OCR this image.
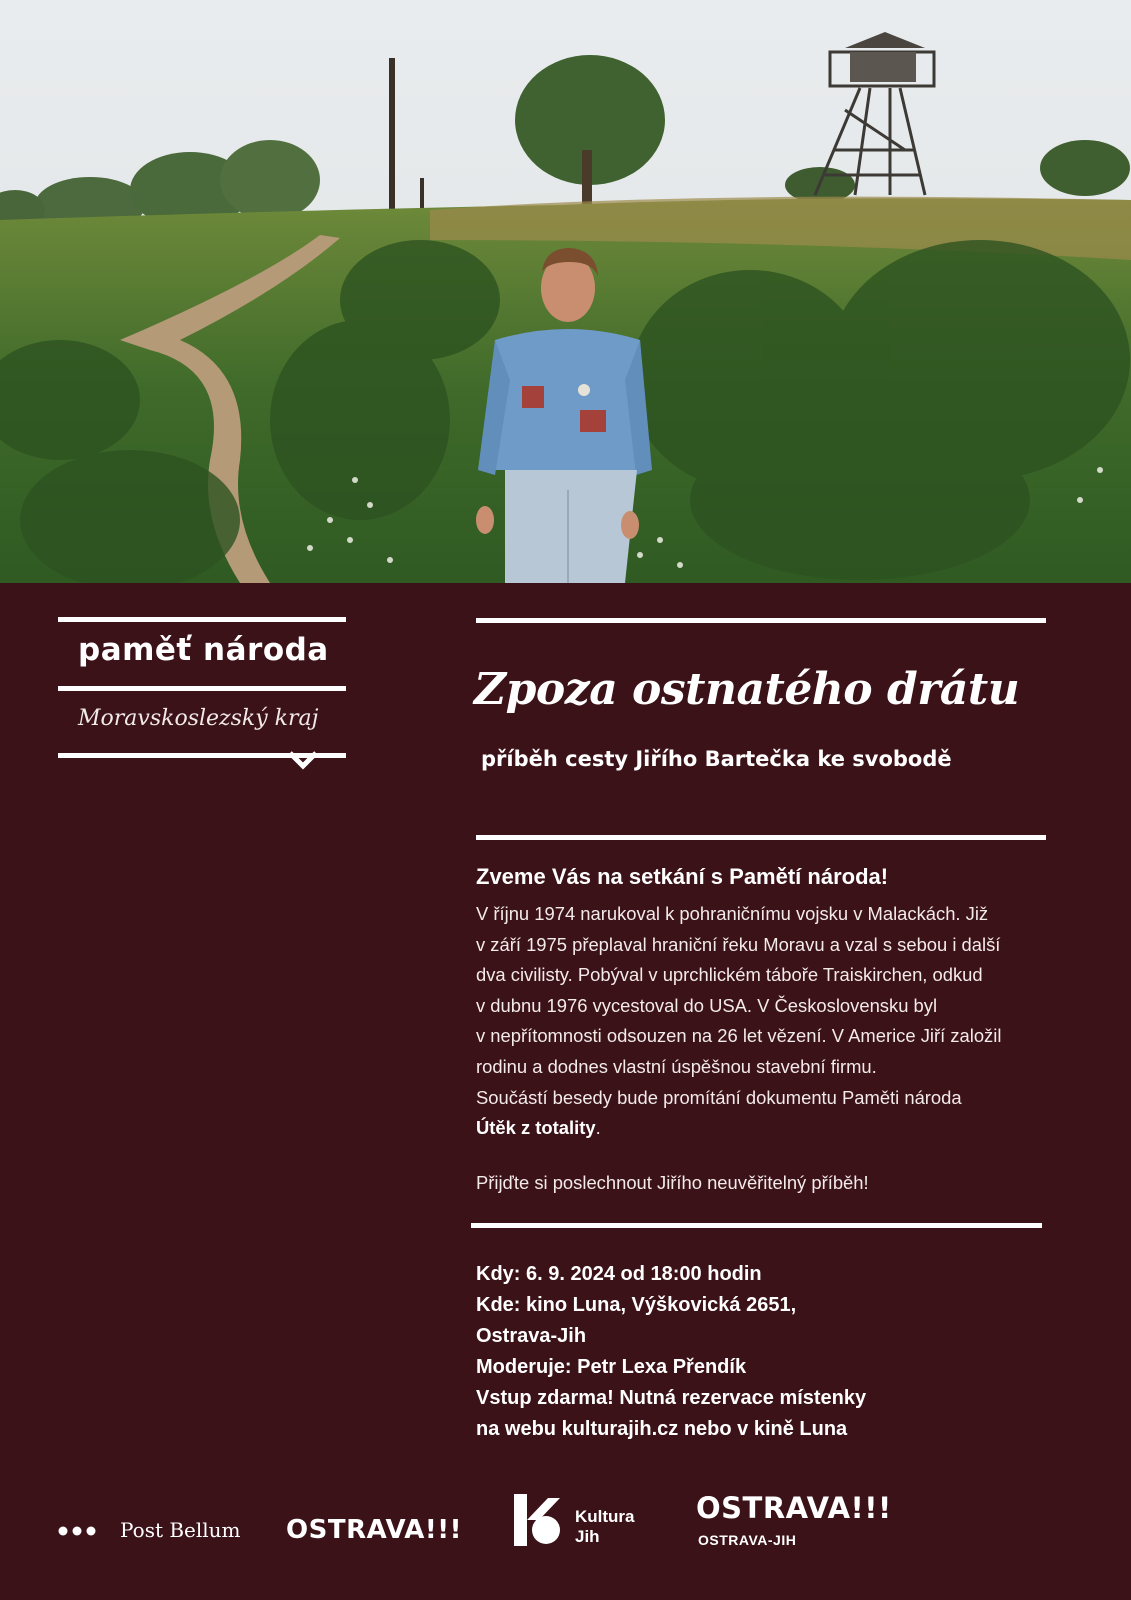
paměť národa
Moravskoslezský kraj
Zpoza ostnatého drátu
příběh cesty Jiřího Bartečka ke svobodě
Zveme Vás na setkání s Pamětí národa!

V říjnu 1974 narukoval k pohraničnímu vojsku v Malackách. Již

v září 1975 přeplaval hraniční řeku Moravu a vzal s sebou i další

dva civilisty. Pobýval v uprchlickém táboře Traiskirchen, odkud

v dubnu 1976 vycestoval do USA. V Československu byl

v nepřítomnosti odsouzen na 26 let vězení. V Americe Jiří založil

rodinu a dodnes vlastní úspěšnou stavební firmu.

Součástí besedy bude promítání dokumentu Paměti národa

Útěk z totality.

Přijďte si poslechnout Jiřího neuvěřitelný příběh!
Kdy: 6. 9. 2024 od 18:00 hodin
Kde: kino Luna, Výškovická 2651,
Ostrava-Jih
Moderuje: Petr Lexa Přendík
Vstup zdarma! Nutná rezervace místenky
na webu kulturajih.cz nebo v kině Luna
Post Bellum OSTRAVA!!!	Kultura
Jih
OSTRAVA!!!
OSTRAVA-JIH
